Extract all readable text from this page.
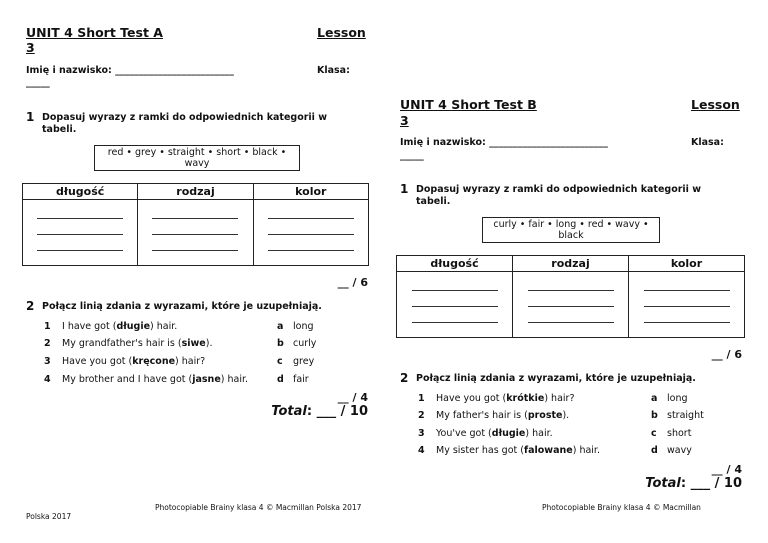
UNIT 4 Short Test A	Lesson
3
Imię i nazwisko: _________________________	Klasa:
_____
1 Dopasuj wyrazy z ramki do odpowiednich kategorii w tabeli.
red • grey • straight • short • black • wavy
długość	rodzaj	kolor

__ / 6
2 Połącz linią zdania z wyrazami, które je uzupełniają.
1 I have got (długie) hair.
2 My grandfather's hair is (siwe).
3 Have you got (kręcone) hair?
4 My brother and I have got (jasne) hair.
a long
b curly
c grey
d fair
__ / 4
Total: ___ / 10
Photocopiable Brainy klasa 4 © Macmillan Polska 2017
Polska 2017
UNIT 4 Short Test B	Lesson
3
Imię i nazwisko: _________________________	Klasa:
_____
1 Dopasuj wyrazy z ramki do odpowiednich kategorii w tabeli.
curly • fair • long • red • wavy • black
długość	rodzaj	kolor

__ / 6
2 Połącz linią zdania z wyrazami, które je uzupełniają.
1 Have you got (krótkie) hair?
2 My father's hair is (proste).
3 You've got (długie) hair.
4 My sister has got (falowane) hair.
a long
b straight
c short
d wavy
__ / 4
Total: ___ / 10
Photocopiable Brainy klasa 4 © Macmillan
